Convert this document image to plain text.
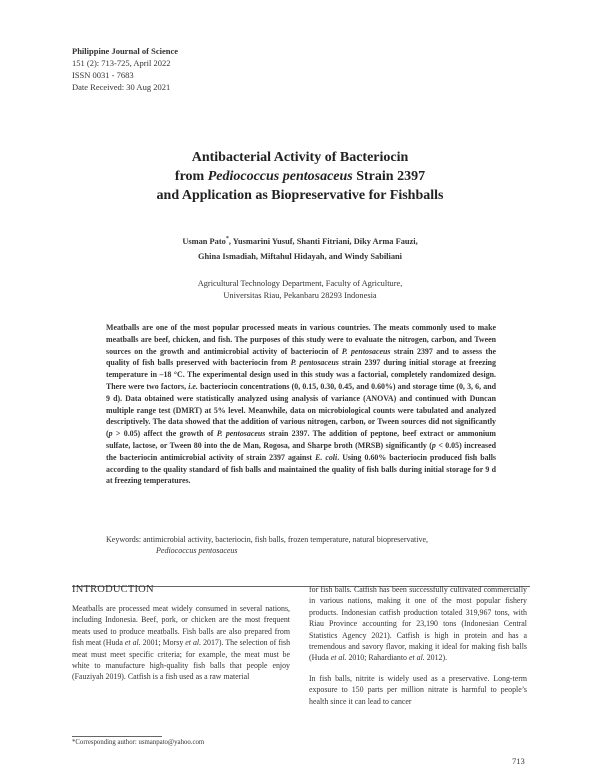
Philippine Journal of Science
151 (2): 713-725, April 2022
ISSN 0031 - 7683
Date Received: 30 Aug 2021
Antibacterial Activity of Bacteriocin
from Pediococcus pentosaceus Strain 2397
and Application as Biopreservative for Fishballs
Usman Pato*, Yusmarini Yusuf, Shanti Fitriani, Diky Arma Fauzi,
Ghina Ismadiah, Miftahul Hidayah, and Windy Sabiliani
Agricultural Technology Department, Faculty of Agriculture,
Universitas Riau, Pekanbaru 28293 Indonesia
Meatballs are one of the most popular processed meats in various countries. The meats commonly used to make meatballs are beef, chicken, and fish. The purposes of this study were to evaluate the nitrogen, carbon, and Tween sources on the growth and antimicrobial activity of bacteriocin of P. pentosaceus strain 2397 and to assess the quality of fish balls preserved with bacteriocin from P. pentosaceus strain 2397 during initial storage at freezing temperature in –18 °C. The experimental design used in this study was a factorial, completely randomized design. There were two factors, i.e. bacteriocin concentrations (0, 0.15, 0.30, 0.45, and 0.60%) and storage time (0, 3, 6, and 9 d). Data obtained were statistically analyzed using analysis of variance (ANOVA) and continued with Duncan multiple range test (DMRT) at 5% level. Meanwhile, data on microbiological counts were tabulated and analyzed descriptively. The data showed that the addition of various nitrogen, carbon, or Tween sources did not significantly (p > 0.05) affect the growth of P. pentosaceus strain 2397. The addition of peptone, beef extract or ammonium sulfate, lactose, or Tween 80 into the de Man, Rogosa, and Sharpe broth (MRSB) significantly (p < 0.05) increased the bacteriocin antimicrobial activity of strain 2397 against E. coli. Using 0.60% bacteriocin produced fish balls according to the quality standard of fish balls and maintained the quality of fish balls during initial storage for 9 d at freezing temperatures.
Keywords: antimicrobial activity, bacteriocin, fish balls, frozen temperature, natural biopreservative,
Pediococcus pentosaceus
INTRODUCTION
Meatballs are processed meat widely consumed in several nations, including Indonesia. Beef, pork, or chicken are the most frequent meats used to produce meatballs. Fish balls are also prepared from fish meat (Huda et al. 2001; Morsy et al. 2017). The selection of fish meat must meet specific criteria; for example, the meat must be white to manufacture high-quality fish balls that people enjoy (Fauziyah 2019). Catfish is a fish used as a raw material

for fish balls. Catfish has been successfully cultivated commercially in various nations, making it one of the most popular fishery products. Indonesian catfish production totaled 319,967 tons, with Riau Province accounting for 23,190 tons (Indonesian Central Statistics Agency 2021). Catfish is high in protein and has a tremendous and savory flavor, making it ideal for making fish balls (Huda et al. 2010; Rahardianto et al. 2012).

In fish balls, nitrite is widely used as a preservative. Long-term exposure to 150 parts per million nitrate is harmful to people’s health since it can lead to cancer

*Corresponding author: usmanpato@yahoo.com
713
